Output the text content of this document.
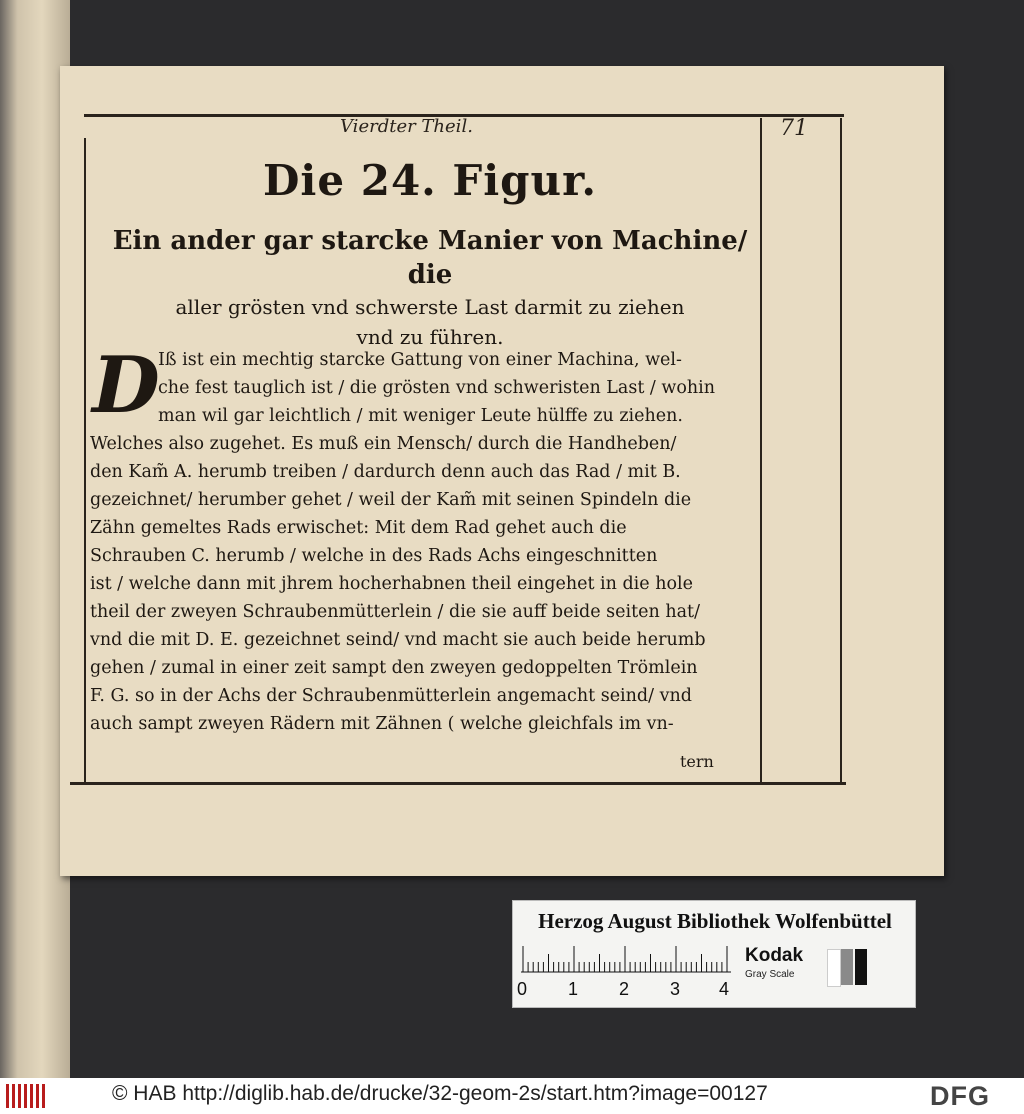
Vierdter Theil.	71
Die 24. Figur.
Ein ander gar starcke Manier von Machine/ die
aller grösten vnd schwerste Last darmit zu ziehen
vnd zu führen.
D
Iß ist ein mechtig starcke Gattung von einer Machina, wel-
che fest tauglich ist / die grösten vnd schweristen Last / wohin
man wil gar leichtlich / mit weniger Leute hülffe zu ziehen.
Welches also zugehet. Es muß ein Mensch/ durch die Handheben/
den Kam̃ A. herumb treiben / dardurch denn auch das Rad / mit B.
gezeichnet/ herumber gehet / weil der Kam̃ mit seinen Spindeln die
Zähn gemeltes Rads erwischet: Mit dem Rad gehet auch die
Schrauben C. herumb / welche in des Rads Achs eingeschnitten
ist / welche dann mit jhrem hocherhabnen theil eingehet in die hole
theil der zweyen Schraubenmütterlein / die sie auff beide seiten hat/
vnd die mit D. E. gezeichnet seind/ vnd macht sie auch beide herumb
gehen / zumal in einer zeit sampt den zweyen gedoppelten Trömlein
F. G. so in der Achs der Schraubenmütterlein angemacht seind/ vnd
auch sampt zweyen Rädern mit Zähnen ( welche gleichfals im vn-
tern
Herzog August Bibliothek Wolfenbüttel
0 1 2 3 4
Kodak
Gray Scale
© HAB http://diglib.hab.de/drucke/32-geom-2s/start.htm?image=00127	DFG
